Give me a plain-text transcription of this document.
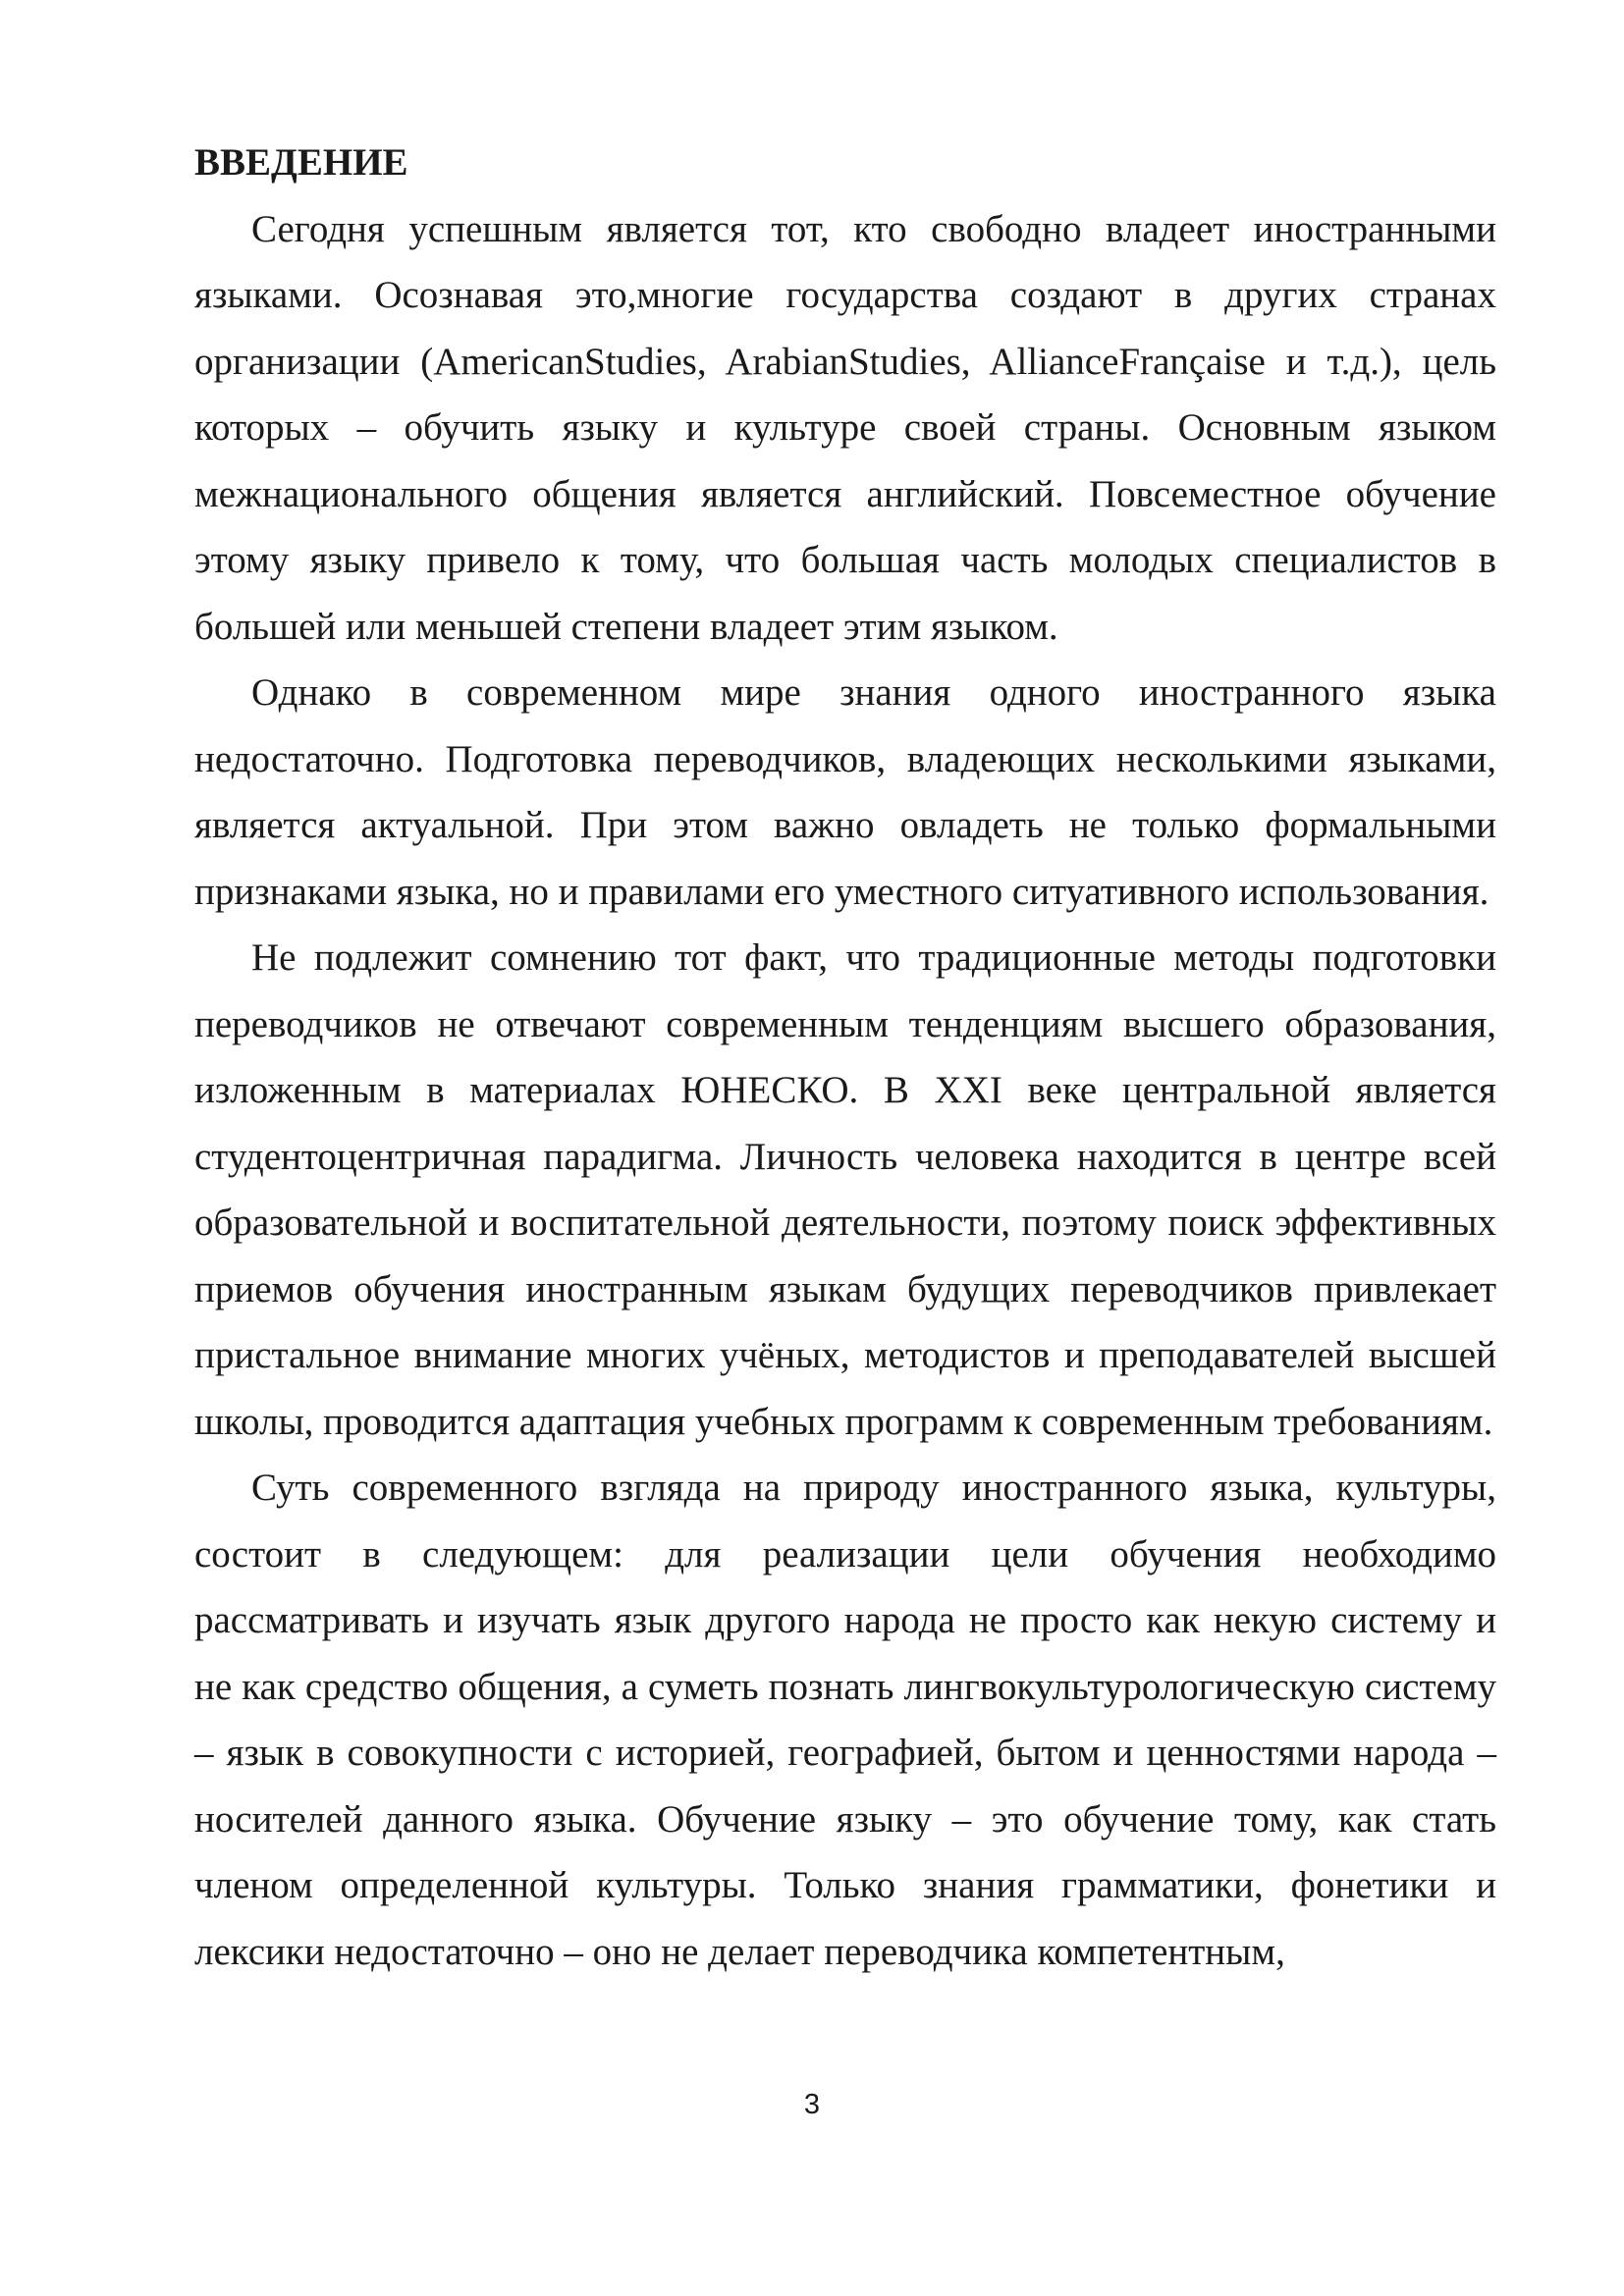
ВВЕДЕНИЕ

Сегодня успешным является тот, кто свободно владеет иностранными языками. Осознавая это,многие государства создают в других странах организации (AmericanStudies, ArabianStudies, AllianceFrançaise и т.д.), цель которых – обучить языку и культуре своей страны. Основным языком межнационального общения является английский. Повсеместное обучение этому языку привело к тому, что большая часть молодых специалистов в большей или меньшей степени владеет этим языком.

Однако в современном мире знания одного иностранного языка недостаточно. Подготовка переводчиков, владеющих несколькими языками, является актуальной. При этом важно овладеть не только формальными признаками языка, но и правилами его уместного ситуативного использования.

Не подлежит сомнению тот факт, что традиционные методы подготовки переводчиков не отвечают современным тенденциям высшего образования, изложенным в материалах ЮНЕСКО. В XXI веке центральной является студентоцентричная парадигма. Личность человека находится в центре всей образовательной и воспитательной деятельности, поэтому поиск эффективных приемов обучения иностранным языкам будущих переводчиков привлекает пристальное внимание многих учёных, методистов и преподавателей высшей школы, проводится адаптация учебных программ к современным требованиям.

Суть современного взгляда на природу иностранного языка, культуры, состоит в следующем: для реализации цели обучения необходимо рассматривать и изучать язык другого народа не просто как некую систему и не как средство общения, а суметь познать лингвокультурологическую систему – язык в совокупности с историей, географией, бытом и ценностями народа – носителей данного языка. Обучение языку – это обучение тому, как стать членом определенной культуры. Только знания грамматики, фонетики и лексики недостаточно – оно не делает переводчика компетентным,

3
